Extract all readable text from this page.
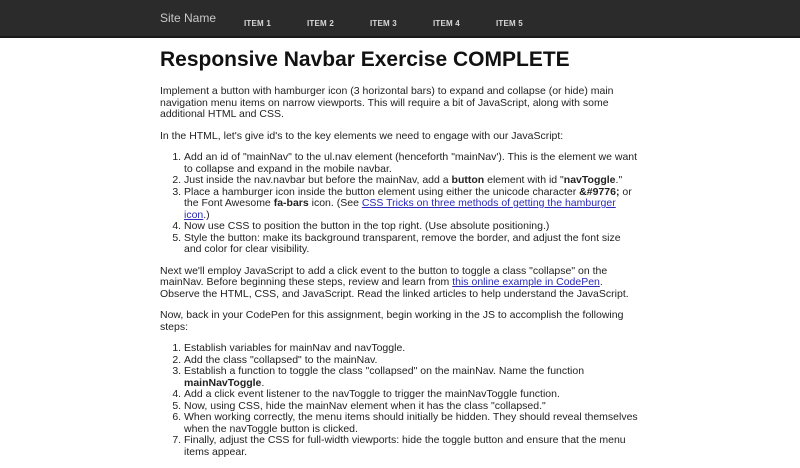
Site Name	ITEM 1	ITEM 2	ITEM 3	ITEM 4	ITEM 5
Responsive Navbar Exercise COMPLETE

Implement a button with hamburger icon (3 horizontal bars) to expand and collapse (or hide) main navigation menu items on narrow viewports. This will require a bit of JavaScript, along with some additional HTML and CSS.

In the HTML, let's give id's to the key elements we need to engage with our JavaScript:

1. Add an id of "mainNav" to the ul.nav element (henceforth "mainNav'). This is the element we want to collapse and expand in the mobile navbar.
2. Just inside the nav.navbar but before the mainNav, add a button element with id "navToggle."
3. Place a hamburger icon inside the button element using either the unicode character &#9776; or the Font Awesome fa-bars icon. (See CSS Tricks on three methods of getting the hamburger icon.)
4. Now use CSS to position the button in the top right. (Use absolute positioning.)
5. Style the button: make its background transparent, remove the border, and adjust the font size and color for clear visibility.

Next we'll employ JavaScript to add a click event to the button to toggle a class "collapse" on the mainNav. Before beginning these steps, review and learn from this online example in CodePen. Observe the HTML, CSS, and JavaScript. Read the linked articles to help understand the JavaScript.

Now, back in your CodePen for this assignment, begin working in the JS to accomplish the following steps:

1. Establish variables for mainNav and navToggle.
2. Add the class "collapsed" to the mainNav.
3. Establish a function to toggle the class "collapsed" on the mainNav. Name the function mainNavToggle.
4. Add a click event listener to the navToggle to trigger the mainNavToggle function.
5. Now, using CSS, hide the mainNav element when it has the class "collapsed."
6. When working correctly, the menu items should initially be hidden. They should reveal themselves when the navToggle button is clicked.
7. Finally, adjust the CSS for full-width viewports: hide the toggle button and ensure that the menu items appear.
